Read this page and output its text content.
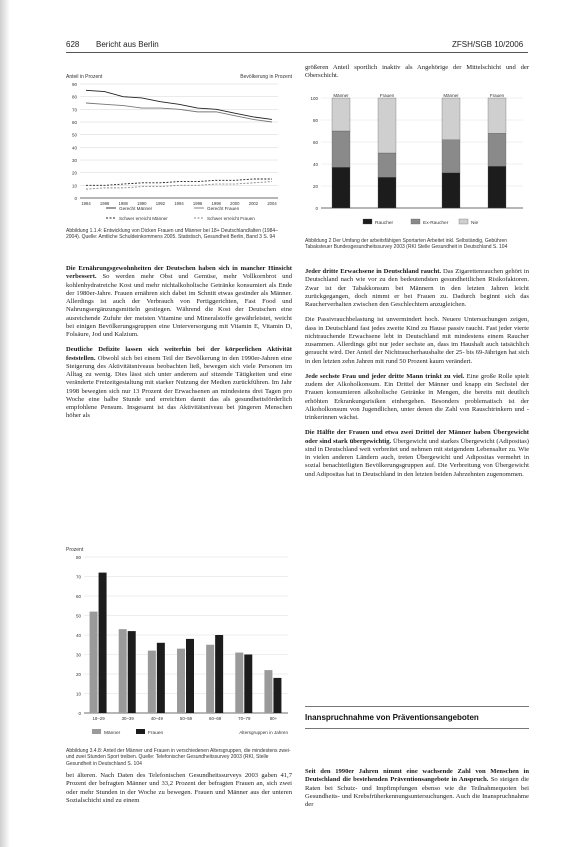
628 Bericht aus Berlin	ZFSH/SGB 10/2006
Anteil in Prozent	Bevölkerung in Prozent
0
10
20
30
40
50
60
70
80
90
1984 1986 1988 1990 1992 1994 1996 1998 2000 2002 2004
Gerecht Männer	Gerecht Frauen
Schwer erreicht Männer	Schwer erreicht Frauen

Abbildung 1.1.4: Entwicklung von Dicken Frauen und Männer bei 18+ Deutschland/alten (1984–2004). Quelle: Amtliche Schuldeinkommens 2005. Statistisch, Gesundheit Berlin, Band 3 S. 94

Die Ernährungsgewohnheiten der Deutschen haben sich in mancher Hinsicht verbessert. So werden mehr Obst und Gemüse, mehr Vollkornbrot und kohlenhydratreiche Kost und mehr nichtalkoholische Getränke konsumiert als Ende der 1980er-Jahre. Frauen ernähren sich dabei im Schnitt etwas gesünder als Männer. Allerdings ist auch der Verbrauch von Fertiggerichten, Fast Food und Nahrungsergänzungsmitteln gestiegen. Während die Kost der Deutschen eine ausreichende Zufuhr der meisten Vitamine und Mineralstoffe gewährleistet, weicht bei einigen Bevölkerungsgruppen eine Unterversorgung mit Vitamin E, Vitamin D, Folsäure, Jod und Kalzium.

Deutliche Defizite lassen sich weiterhin bei der körperlichen Aktivität feststellen. Obwohl sich bei einem Teil der Bevölkerung in den 1990er-Jahren eine Steigerung des Aktivitätsniveaus beobachten ließ, bewegen sich viele Personen im Alltag zu wenig. Dies lässt sich unter anderem auf sitzende Tätigkeiten und eine veränderte Freizeitgestaltung mit starker Nutzung der Medien zurückführen. Im Jahr 1998 bewegten sich nur 13 Prozent der Erwachsenen an mindestens drei Tagen pro Woche eine halbe Stunde und erreichten damit das als gesundheitsförderlich empfohlene Pensum. Insgesamt ist das Aktivitätsniveau bei jüngeren Menschen höher als

Prozent
0
10
20
30
40
50
60
70
80
18–29	30–39	40–49	50–59	60–69	70–79	80+
Männer	Frauen	Altersgruppen in Jahren

Abbildung 3.4.8: Anteil der Männer und Frauen in verschiedenen Altersgruppen, die mindestens zwei- und zwei Stunden Sport treiben. Quelle: Telefonischer Gesundheitssurvey 2003 (RKI, Stelle Gesundheit in Deutschland S. 104

bei älteren. Nach Daten des Telefonischen Gesundheitssurveys 2003 gaben 41,7 Prozent der befragten Männer und 33,2 Prozent der befragten Frauen an, sich zwei oder mehr Stunden in der Woche zu bewegen. Frauen und Männer aus der unteren Sozialschicht sind zu einem

größeren Anteil sportlich inaktiv als Angehörige der Mittelschicht und der Oberschicht.

0
20
40
60
80
100
Männer	Frauen	Männer	Frauen
Raucher	Ex-Raucher	Nie

Abbildung 2 Der Umfang der arbeitsfähigen Sportarten Arbeitet inkl. Selbständig, Gebühren Tabaksteuer Bundesgesundheitssurvey 2003 (RKI Stelle Gesundheit in Deutschland S. 104

Jeder dritte Erwachsene in Deutschland raucht. Das Zigarettenrauchen gehört in Deutschland nach wie vor zu den bedeutendsten gesundheitlichen Risikofaktoren. Zwar ist der Tabakkonsum bei Männern in den letzten Jahren leicht zurückgegangen, doch nimmt er bei Frauen zu. Dadurch beginnt sich das Raucherverhalten zwischen den Geschlechtern anzugleichen.

Die Passivrauchbelastung ist unvermindert hoch. Neuere Untersuchungen zeigen, dass in Deutschland fast jedes zweite Kind zu Hause passiv raucht. Fast jeder vierte nichtrauchende Erwachsene lebt in Deutschland mit mindestens einem Raucher zusammen. Allerdings gibt nur jeder sechste an, dass im Haushalt auch tatsächlich geraucht wird. Der Anteil der Nichtraucherhaushalte der 25- bis 69-Jährigen hat sich in den letzten zehn Jahren mit rund 50 Prozent kaum verändert.

Jede sechste Frau und jeder dritte Mann trinkt zu viel. Eine große Rolle spielt zudem der Alkoholkonsum. Ein Drittel der Männer und knapp ein Sechstel der Frauen konsumieren alkoholische Getränke in Mengen, die bereits mit deutlich erhöhten Erkrankungsrisiken einhergehen. Besonders problematisch ist der Alkoholkonsum von Jugendlichen, unter denen die Zahl von Rauschtrinkern und -trinkerinnen wächst.

Die Hälfte der Frauen und etwa zwei Drittel der Männer haben Übergewicht oder sind stark übergewichtig. Übergewicht und starkes Übergewicht (Adipositas) sind in Deutschland weit verbreitet und nehmen mit steigendem Lebensalter zu. Wie in vielen anderen Ländern auch, treten Übergewicht und Adipositas vermehrt in sozial benachteiligten Bevölkerungsgruppen auf. Die Verbreitung von Übergewicht und Adipositas hat in Deutschland in den letzten beiden Jahrzehnten zugenommen.

Inanspruchnahme von Präventionsangeboten

Seit den 1990er Jahren nimmt eine wachsende Zahl von Menschen in Deutschland die bestehenden Präventionsangebote in Anspruch. So steigen die Raten bei Schutz- und Impfimpfungen ebenso wie die Teilnahmequoten bei Gesundheits- und Krebsfrüherkennungsuntersuchungen. Auch die Inanspruchnahme der
